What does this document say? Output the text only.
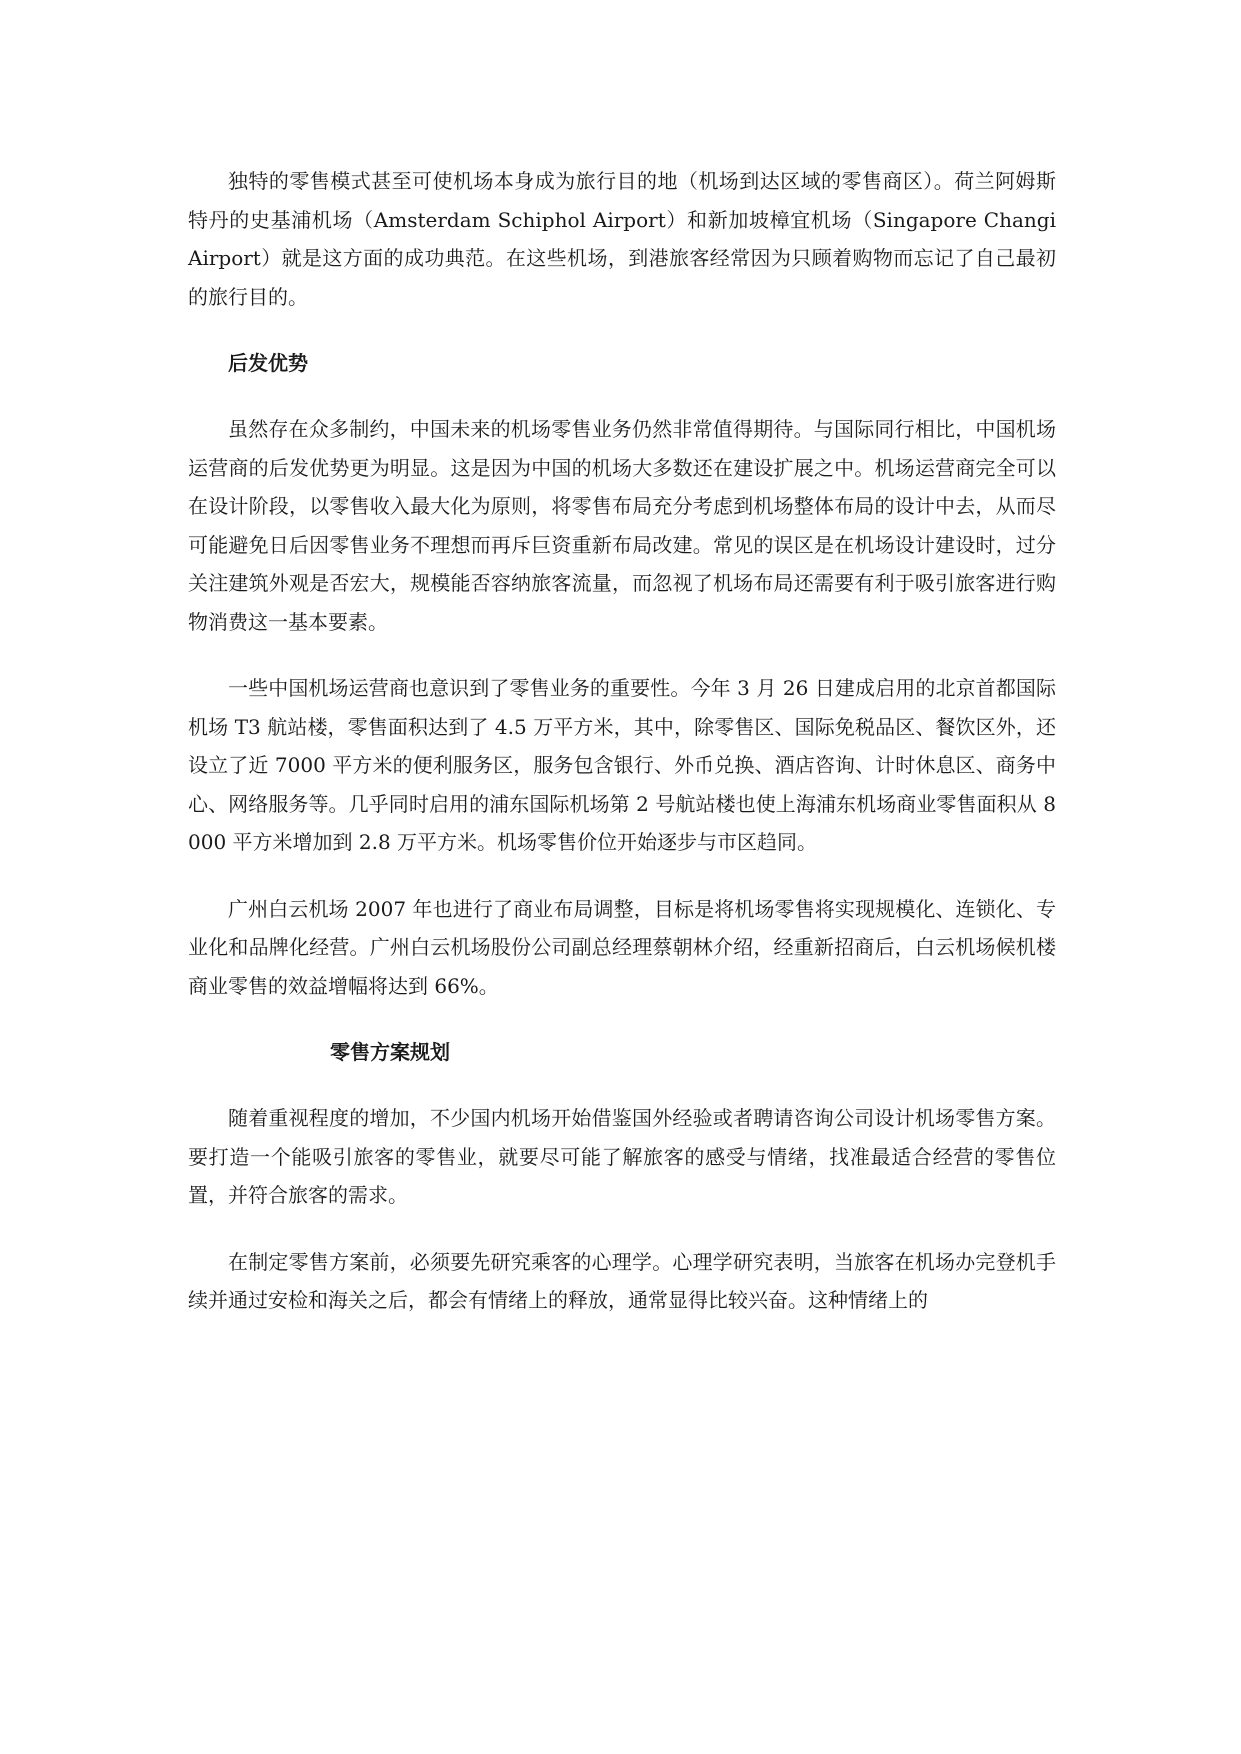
独特的零售模式甚至可使机场本身成为旅行目的地（机场到达区域的零售商区）。荷兰阿姆斯特丹的史基浦机场（Amsterdam Schiphol Airport）和新加坡樟宜机场（Singapore Changi Airport）就是这方面的成功典范。在这些机场，到港旅客经常因为只顾着购物而忘记了自己最初的旅行目的。

后发优势

虽然存在众多制约，中国未来的机场零售业务仍然非常值得期待。与国际同行相比，中国机场运营商的后发优势更为明显。这是因为中国的机场大多数还在建设扩展之中。机场运营商完全可以在设计阶段，以零售收入最大化为原则，将零售布局充分考虑到机场整体布局的设计中去，从而尽可能避免日后因零售业务不理想而再斥巨资重新布局改建。常见的误区是在机场设计建设时，过分关注建筑外观是否宏大，规模能否容纳旅客流量，而忽视了机场布局还需要有利于吸引旅客进行购物消费这一基本要素。

一些中国机场运营商也意识到了零售业务的重要性。今年 3 月 26 日建成启用的北京首都国际机场 T3 航站楼，零售面积达到了 4.5 万平方米，其中，除零售区、国际免税品区、餐饮区外，还设立了近 7000 平方米的便利服务区，服务包含银行、外币兑换、酒店咨询、计时休息区、商务中心、网络服务等。几乎同时启用的浦东国际机场第 2 号航站楼也使上海浦东机场商业零售面积从 8000 平方米增加到 2.8 万平方米。机场零售价位开始逐步与市区趋同。

广州白云机场 2007 年也进行了商业布局调整，目标是将机场零售将实现规模化、连锁化、专业化和品牌化经营。广州白云机场股份公司副总经理蔡朝林介绍，经重新招商后，白云机场候机楼商业零售的效益增幅将达到 66%。

零售方案规划

随着重视程度的增加，不少国内机场开始借鉴国外经验或者聘请咨询公司设计机场零售方案。要打造一个能吸引旅客的零售业，就要尽可能了解旅客的感受与情绪，找准最适合经营的零售位置，并符合旅客的需求。

在制定零售方案前，必须要先研究乘客的心理学。心理学研究表明，当旅客在机场办完登机手续并通过安检和海关之后，都会有情绪上的释放，通常显得比较兴奋。这种情绪上的
